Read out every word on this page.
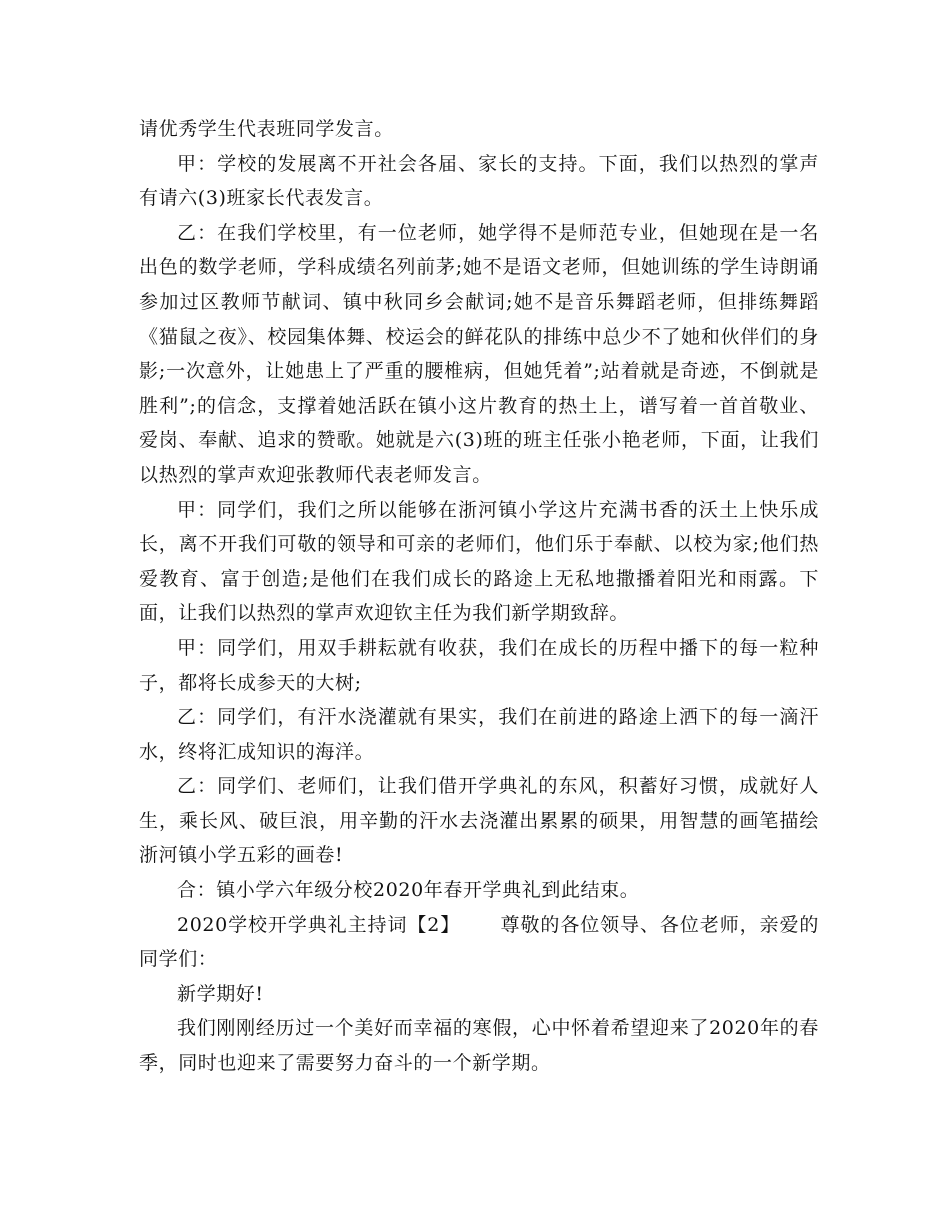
请优秀学生代表班同学发言。

甲：学校的发展离不开社会各届、家长的支持。下面，我们以热烈的掌声有请六(3)班家长代表发言。

乙：在我们学校里，有一位老师，她学得不是师范专业，但她现在是一名出色的数学老师，学科成绩名列前茅;她不是语文老师，但她训练的学生诗朗诵参加过区教师节献词、镇中秋同乡会献词;她不是音乐舞蹈老师，但排练舞蹈《猫鼠之夜》、校园集体舞、校运会的鲜花队的排练中总少不了她和伙伴们的身影;一次意外，让她患上了严重的腰椎病，但她凭着”;站着就是奇迹，不倒就是胜利”;的信念，支撑着她活跃在镇小这片教育的热土上，谱写着一首首敬业、爱岗、奉献、追求的赞歌。她就是六(3)班的班主任张小艳老师，下面，让我们以热烈的掌声欢迎张教师代表老师发言。

甲：同学们，我们之所以能够在浙河镇小学这片充满书香的沃土上快乐成长，离不开我们可敬的领导和可亲的老师们，他们乐于奉献、以校为家;他们热爱教育、富于创造;是他们在我们成长的路途上无私地撒播着阳光和雨露。下面，让我们以热烈的掌声欢迎钦主任为我们新学期致辞。

甲：同学们，用双手耕耘就有收获，我们在成长的历程中播下的每一粒种子，都将长成参天的大树;

乙：同学们，有汗水浇灌就有果实，我们在前进的路途上洒下的每一滴汗水，终将汇成知识的海洋。

乙：同学们、老师们，让我们借开学典礼的东风，积蓄好习惯，成就好人生，乘长风、破巨浪，用辛勤的汗水去浇灌出累累的硕果，用智慧的画笔描绘浙河镇小学五彩的画卷!

合：镇小学六年级分校2020年春开学典礼到此结束。

2020学校开学典礼主持词【2】 尊敬的各位领导、各位老师，亲爱的同学们：

新学期好!

我们刚刚经历过一个美好而幸福的寒假，心中怀着希望迎来了2020年的春季，同时也迎来了需要努力奋斗的一个新学期。
